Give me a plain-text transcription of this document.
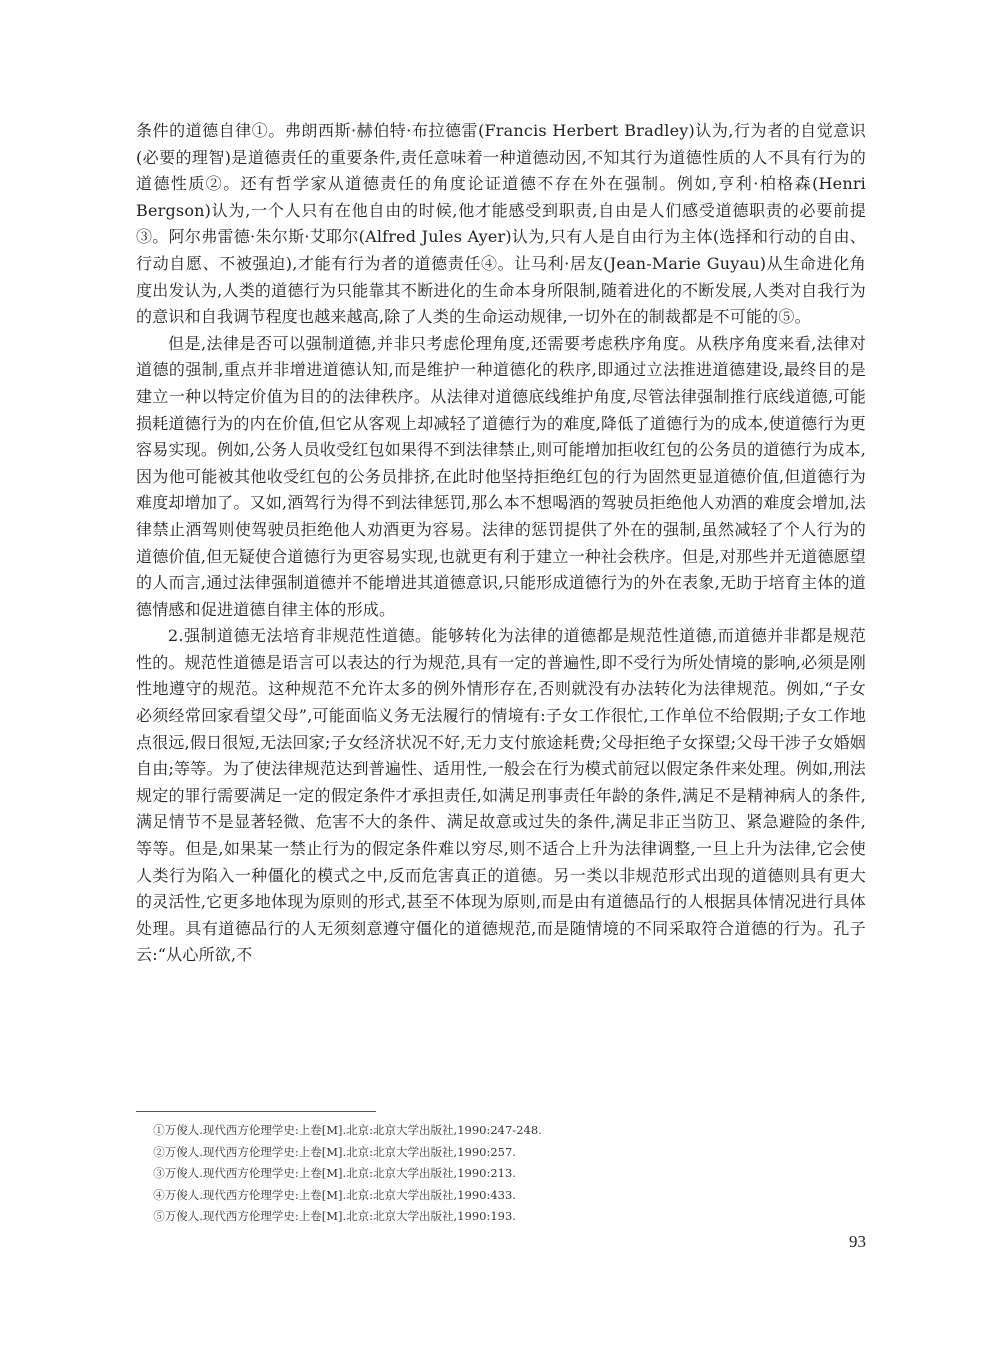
条件的道德自律①。弗朗西斯·赫伯特·布拉德雷(Francis Herbert Bradley)认为,行为者的自觉意识(必要的理智)是道德责任的重要条件,责任意味着一种道德动因,不知其行为道德性质的人不具有行为的道德性质②。还有哲学家从道德责任的角度论证道德不存在外在强制。例如,亨利·柏格森(Henri Bergson)认为,一个人只有在他自由的时候,他才能感受到职责,自由是人们感受道德职责的必要前提③。阿尔弗雷德·朱尔斯·艾耶尔(Alfred Jules Ayer)认为,只有人是自由行为主体(选择和行动的自由、行动自愿、不被强迫),才能有行为者的道德责任④。让马利·居友(Jean-Marie Guyau)从生命进化角度出发认为,人类的道德行为只能靠其不断进化的生命本身所限制,随着进化的不断发展,人类对自我行为的意识和自我调节程度也越来越高,除了人类的生命运动规律,一切外在的制裁都是不可能的⑤。

但是,法律是否可以强制道德,并非只考虑伦理角度,还需要考虑秩序角度。从秩序角度来看,法律对道德的强制,重点并非增进道德认知,而是维护一种道德化的秩序,即通过立法推进道德建设,最终目的是建立一种以特定价值为目的的法律秩序。从法律对道德底线维护角度,尽管法律强制推行底线道德,可能损耗道德行为的内在价值,但它从客观上却减轻了道德行为的难度,降低了道德行为的成本,使道德行为更容易实现。例如,公务人员收受红包如果得不到法律禁止,则可能增加拒收红包的公务员的道德行为成本,因为他可能被其他收受红包的公务员排挤,在此时他坚持拒绝红包的行为固然更显道德价值,但道德行为难度却增加了。又如,酒驾行为得不到法律惩罚,那么本不想喝酒的驾驶员拒绝他人劝酒的难度会增加,法律禁止酒驾则使驾驶员拒绝他人劝酒更为容易。法律的惩罚提供了外在的强制,虽然减轻了个人行为的道德价值,但无疑使合道德行为更容易实现,也就更有利于建立一种社会秩序。但是,对那些并无道德愿望的人而言,通过法律强制道德并不能增进其道德意识,只能形成道德行为的外在表象,无助于培育主体的道德情感和促进道德自律主体的形成。

2.强制道德无法培育非规范性道德。能够转化为法律的道德都是规范性道德,而道德并非都是规范性的。规范性道德是语言可以表达的行为规范,具有一定的普遍性,即不受行为所处情境的影响,必须是刚性地遵守的规范。这种规范不允许太多的例外情形存在,否则就没有办法转化为法律规范。例如,“子女必须经常回家看望父母”,可能面临义务无法履行的情境有:子女工作很忙,工作单位不给假期;子女工作地点很远,假日很短,无法回家;子女经济状况不好,无力支付旅途耗费;父母拒绝子女探望;父母干涉子女婚姻自由;等等。为了使法律规范达到普遍性、适用性,一般会在行为模式前冠以假定条件来处理。例如,刑法规定的罪行需要满足一定的假定条件才承担责任,如满足刑事责任年龄的条件,满足不是精神病人的条件,满足情节不是显著轻微、危害不大的条件、满足故意或过失的条件,满足非正当防卫、紧急避险的条件,等等。但是,如果某一禁止行为的假定条件难以穷尽,则不适合上升为法律调整,一旦上升为法律,它会使人类行为陷入一种僵化的模式之中,反而危害真正的道德。另一类以非规范形式出现的道德则具有更大的灵活性,它更多地体现为原则的形式,甚至不体现为原则,而是由有道德品行的人根据具体情况进行具体处理。具有道德品行的人无须刻意遵守僵化的道德规范,而是随情境的不同采取符合道德的行为。孔子云:“从心所欲,不

①万俊人.现代西方伦理学史:上卷[M].北京:北京大学出版社,1990:247-248.

②万俊人.现代西方伦理学史:上卷[M].北京:北京大学出版社,1990:257.

③万俊人.现代西方伦理学史:上卷[M].北京:北京大学出版社,1990:213.

④万俊人.现代西方伦理学史:上卷[M].北京:北京大学出版社,1990:433.

⑤万俊人.现代西方伦理学史:上卷[M].北京:北京大学出版社,1990:193.

93
